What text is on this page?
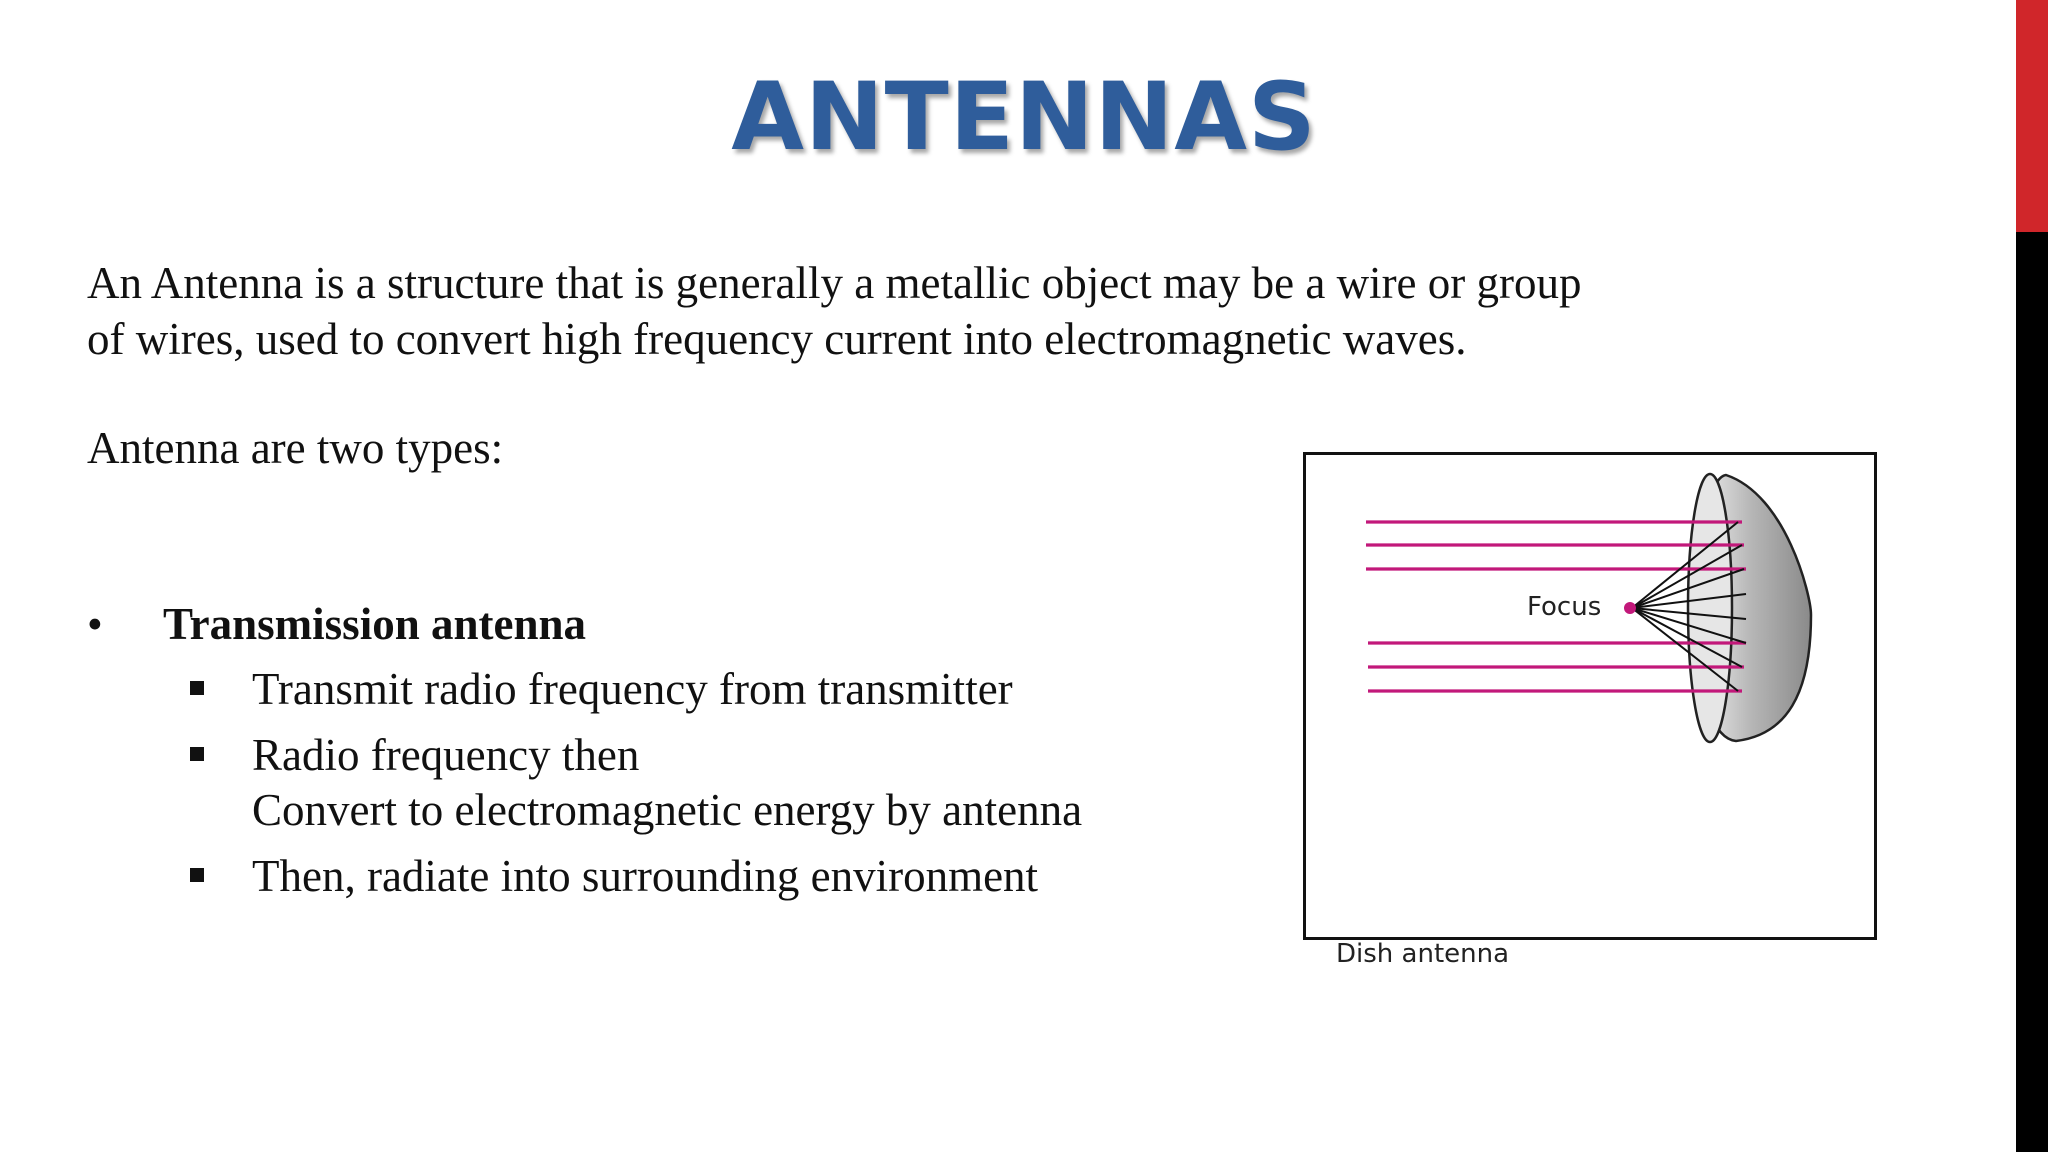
ANTENNAS

An Antenna is a structure that is generally a metallic object may be a wire or group
of wires, used to convert high frequency current into electromagnetic waves.

Antenna are two types:

• Transmission antenna
Transmit radio frequency from transmitter
Radio frequency then
Convert to electromagnetic energy by antenna
Then, radiate into surrounding environment
Focus
Dish antenna
